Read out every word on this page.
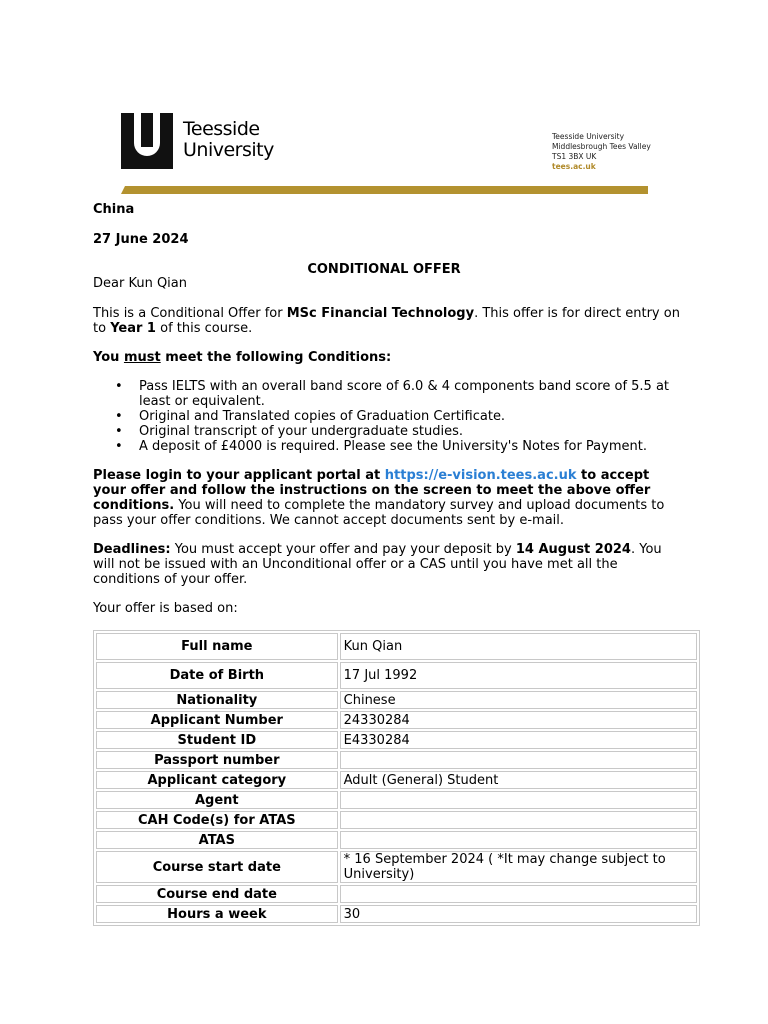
Teesside
University
Teesside University
Middlesbrough Tees Valley
TS1 3BX UK
tees.ac.uk

China

27 June 2024

CONDITIONAL OFFER

Dear Kun Qian

This is a Conditional Offer for MSc Financial Technology. This offer is for direct entry on to Year 1 of this course.

You must meet the following Conditions:

• Pass IELTS with an overall band score of 6.0 & 4 components band score of 5.5 at least or equivalent.
• Original and Translated copies of Graduation Certificate.
• Original transcript of your undergraduate studies.
• A deposit of £4000 is required. Please see the University's Notes for Payment.

Please login to your applicant portal at https://e-vision.tees.ac.uk to accept your offer and follow the instructions on the screen to meet the above offer conditions. You will need to complete the mandatory survey and upload documents to pass your offer conditions. We cannot accept documents sent by e-mail.

Deadlines: You must accept your offer and pay your deposit by 14 August 2024. You will not be issued with an Unconditional offer or a CAS until you have met all the conditions of your offer.

Your offer is based on:

Full name	Kun Qian
Date of Birth	17 Jul 1992
Nationality	Chinese
Applicant Number	24330284
Student ID	E4330284
Passport number	
Applicant category	Adult (General) Student
Agent	
CAH Code(s) for ATAS	
ATAS	
Course start date	* 16 September 2024 ( *It may change subject to University)
Course end date	
Hours a week	30
